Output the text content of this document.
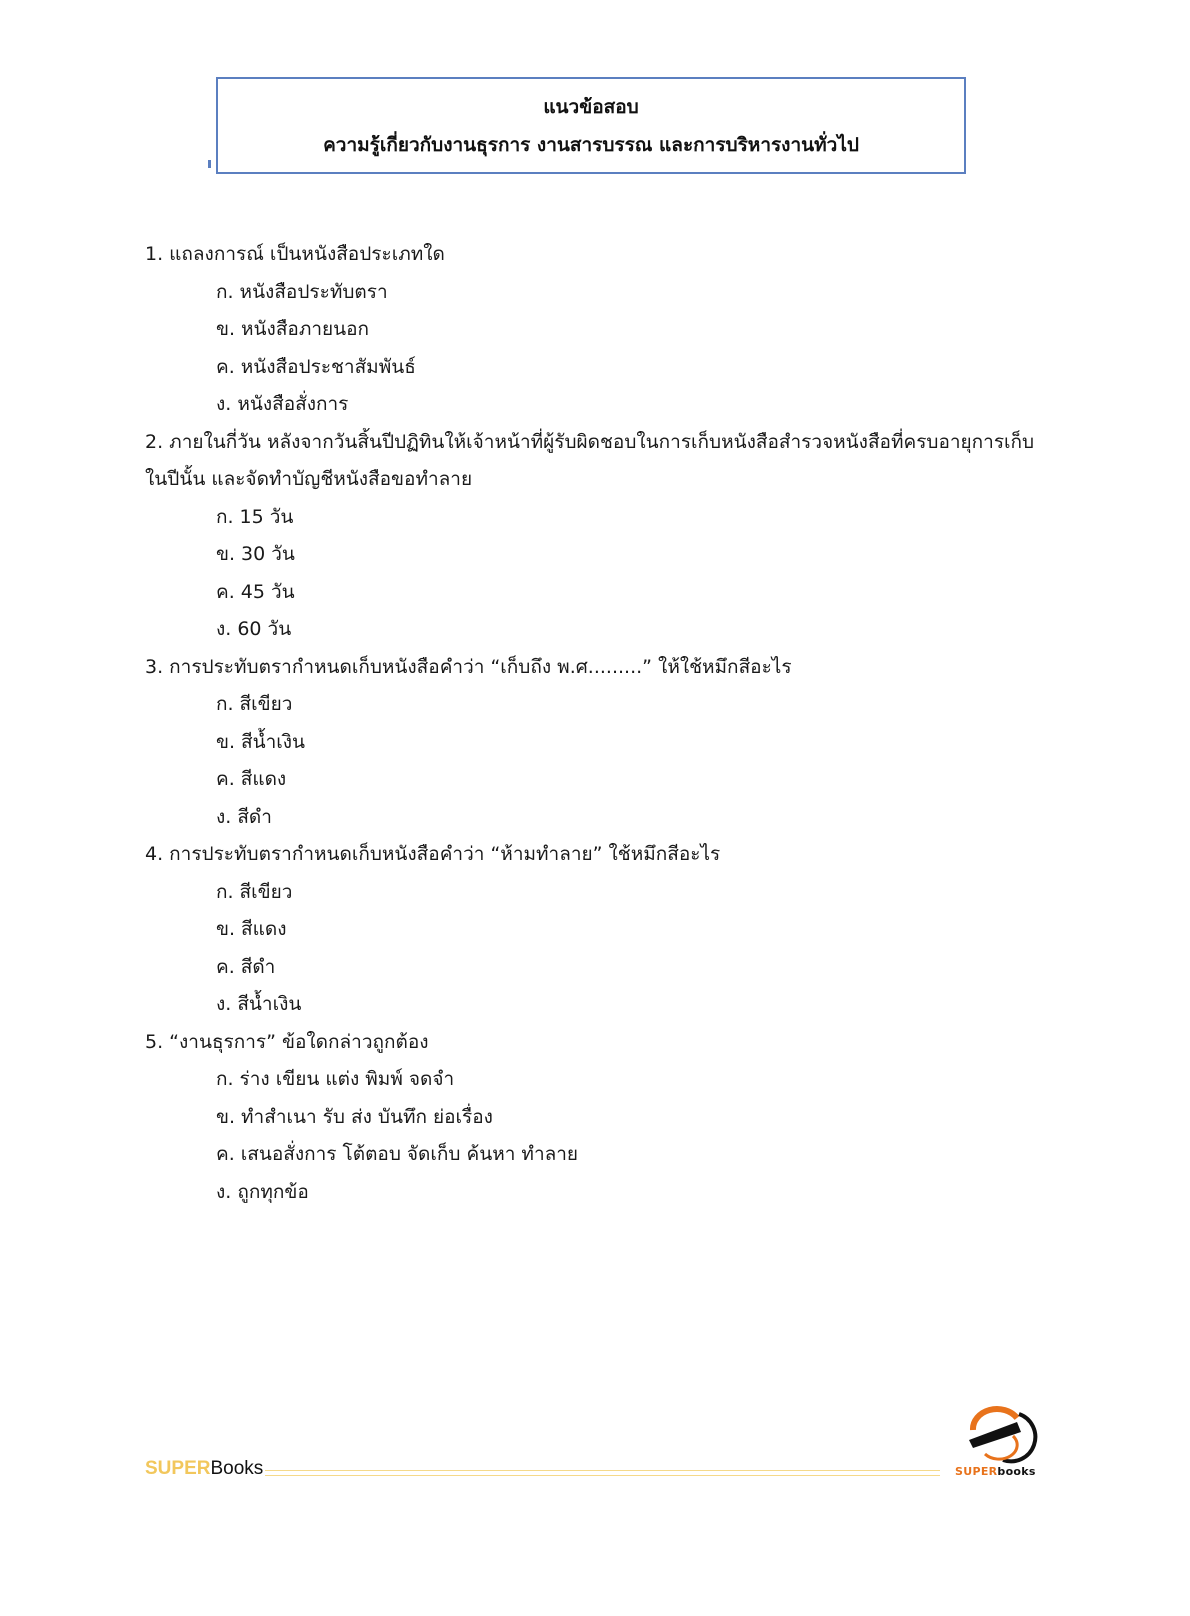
แนวข้อสอบ
ความรู้เกี่ยวกับงานธุรการ งานสารบรรณ และการบริหารงานทั่วไป
1. แถลงการณ์ เป็นหนังสือประเภทใด
ก. หนังสือประทับตรา
ข. หนังสือภายนอก
ค. หนังสือประชาสัมพันธ์
ง. หนังสือสั่งการ
2. ภายในกี่วัน หลังจากวันสิ้นปีปฏิทินให้เจ้าหน้าที่ผู้รับผิดชอบในการเก็บหนังสือสำรวจหนังสือที่ครบอายุการเก็บในปีนั้น และจัดทำบัญชีหนังสือขอทำลาย
ก. 15 วัน
ข. 30 วัน
ค. 45 วัน
ง. 60 วัน
3. การประทับตรากำหนดเก็บหนังสือคำว่า “เก็บถึง พ.ศ.........” ให้ใช้หมึกสีอะไร
ก. สีเขียว
ข. สีน้ำเงิน
ค. สีแดง
ง. สีดำ
4. การประทับตรากำหนดเก็บหนังสือคำว่า “ห้ามทำลาย” ใช้หมึกสีอะไร
ก. สีเขียว
ข. สีแดง
ค. สีดำ
ง. สีน้ำเงิน
5. “งานธุรการ” ข้อใดกล่าวถูกต้อง
ก. ร่าง เขียน แต่ง พิมพ์ จดจำ
ข. ทำสำเนา รับ ส่ง บันทึก ย่อเรื่อง
ค. เสนอสั่งการ โต้ตอบ จัดเก็บ ค้นหา ทำลาย
ง. ถูกทุกข้อ
SUPER Books	SUPERbooks
